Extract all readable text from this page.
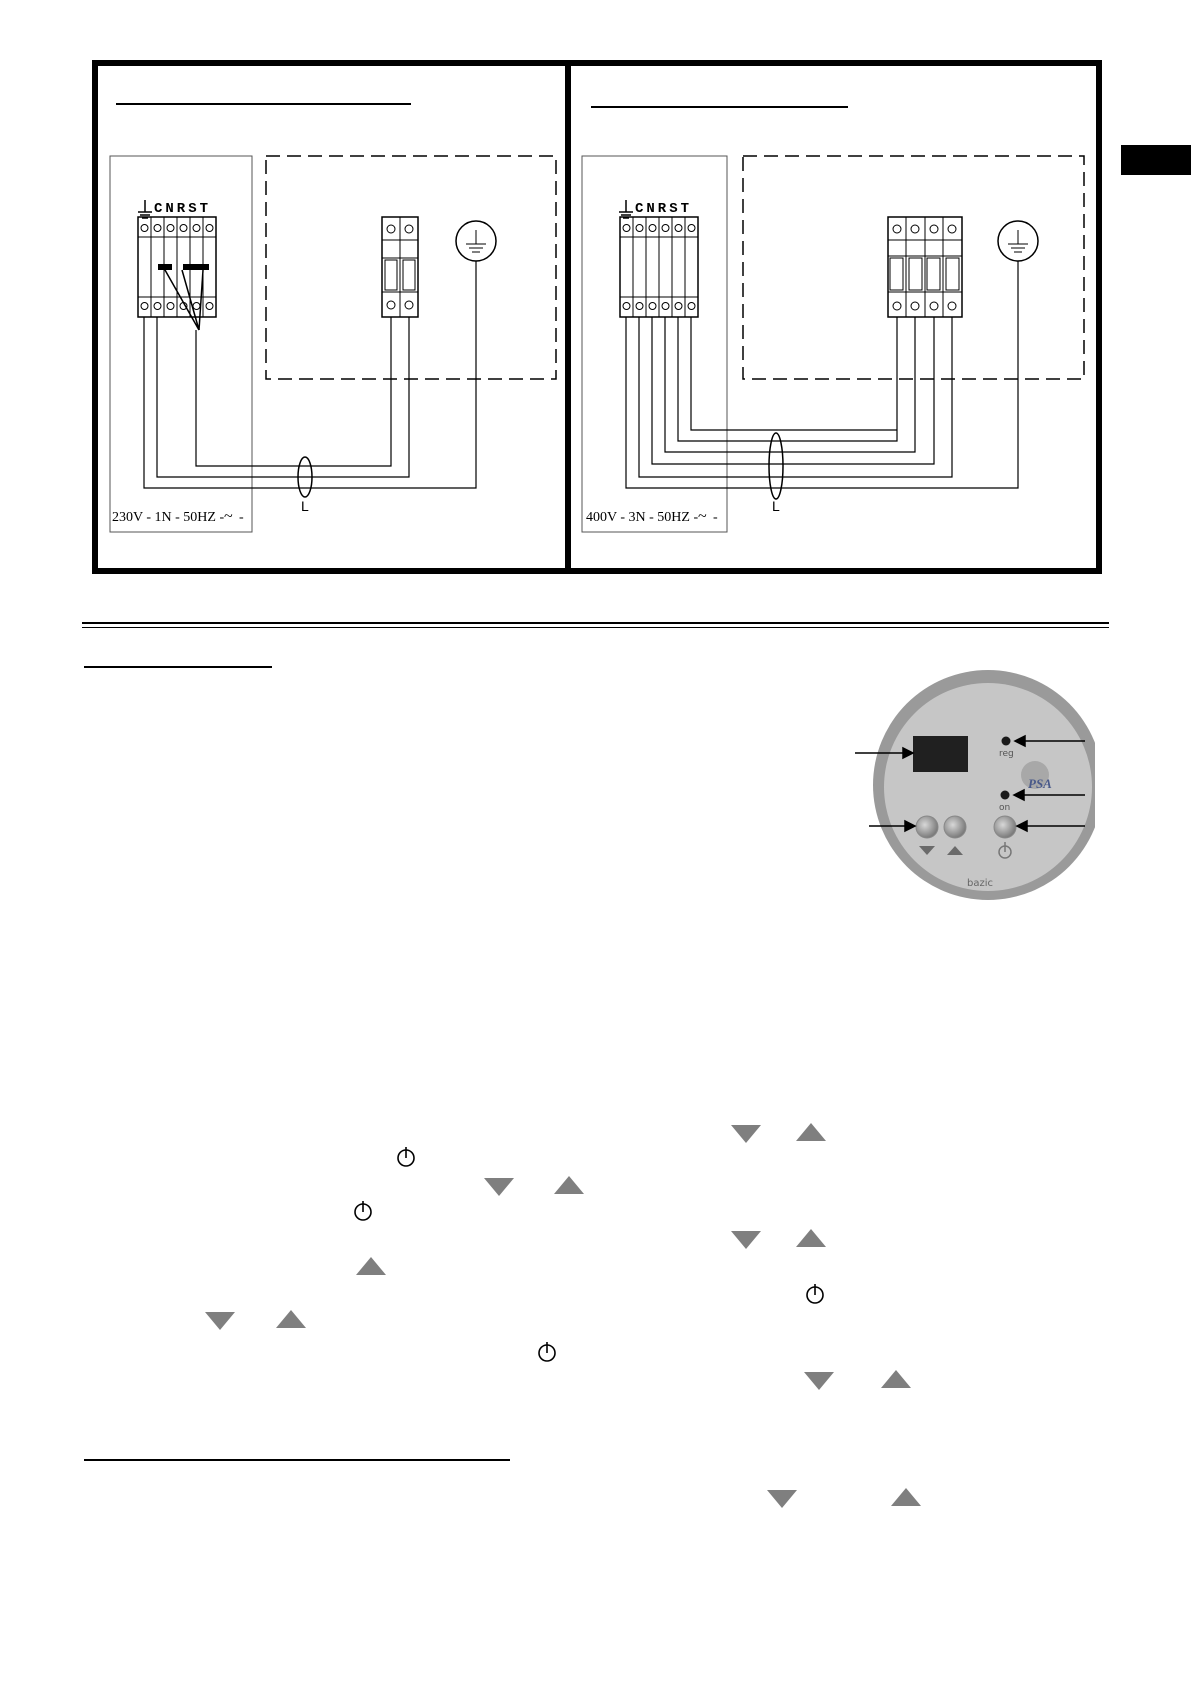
CNRST
L
230V - 1N - 50HZ - ~ -
CNRST
L
400V - 3N - 50HZ - ~ -
reg
PSA
on
bazic
